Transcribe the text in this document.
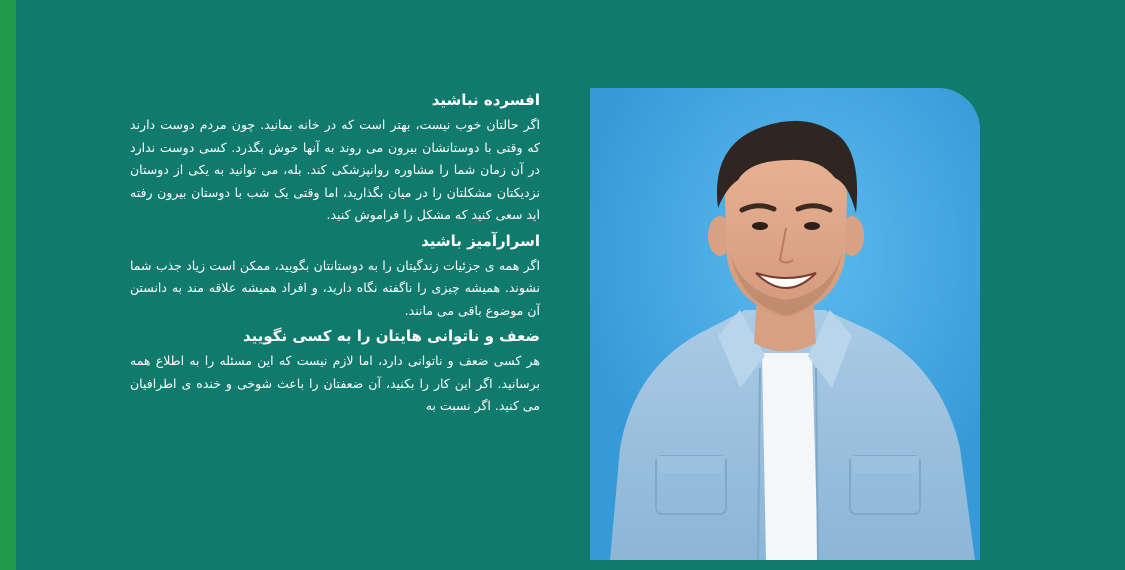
افسرده نباشید

اگر حالتان خوب نیست، بهتر است که در خانه بمانید. چون مردم دوست دارند که وقتی با دوستانشان بیرون می روند به آنها خوش بگذرد. کسی دوست ندارد در آن زمان شما را مشاوره روانپزشکی کند. بله، می توانید به یکی از دوستان نزدیکتان مشکلتان را در میان بگذارید، اما وقتی یک شب با دوستان بیرون رفته اید سعی کنید که مشکل را فراموش کنید.

اسرارآمیز باشید

اگر همه ی جزئیات زندگیتان را به دوستانتان بگویید، ممکن است زیاد جذب شما نشوند. همیشه چیزی را ناگفته نگاه دارید، و افراد همیشه علاقه مند به دانستن آن موضوع باقی می مانند.

ضعف و ناتوانی هایتان را به کسی نگویید

هر کسی ضعف و ناتوانی دارد، اما لازم نیست که این مسئله را به اطلاع همه برسانید. اگر این کار را بکنید، آن ضعفتان را باعث شوخی و خنده ی اطرافیان می کنید. اگر نسبت به
